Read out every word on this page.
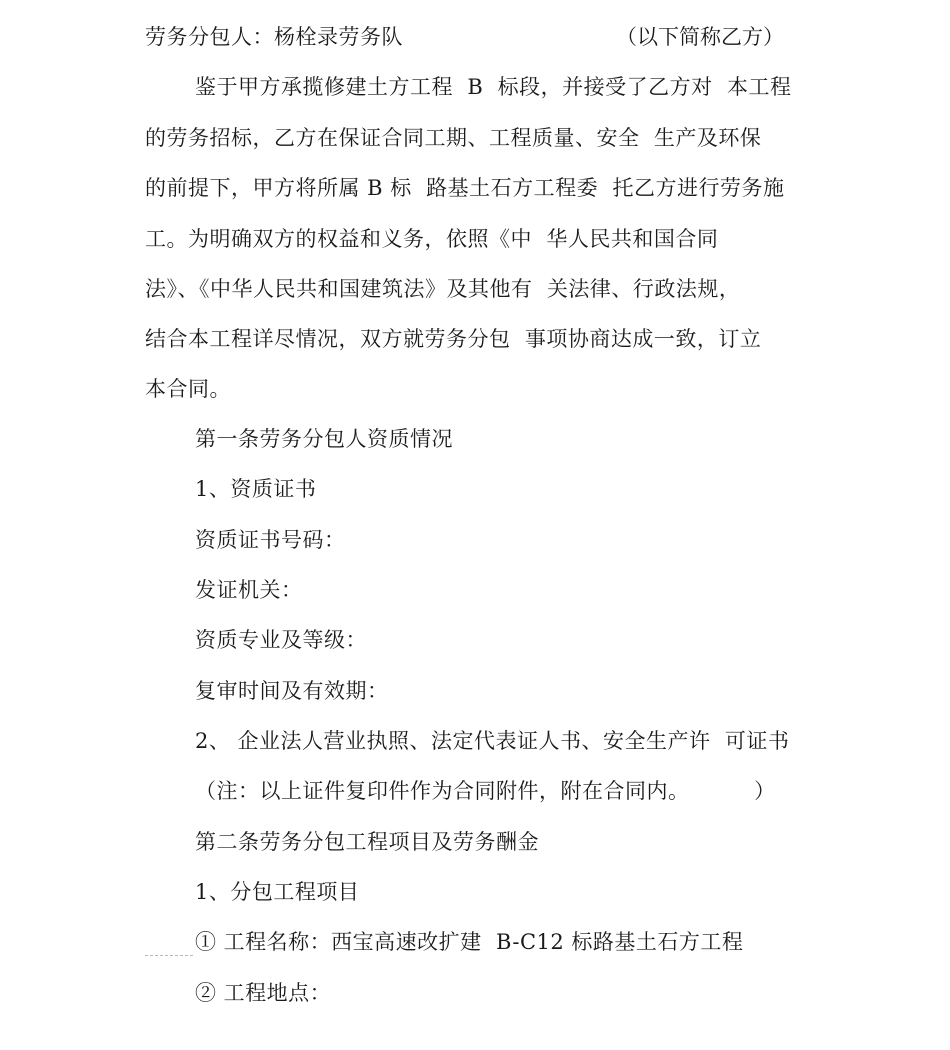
劳务分包人：杨栓录劳务队	（以下简称乙方）
鉴于甲方承揽修建土方工程  B  标段，并接受了乙方对  本工程
的劳务招标，乙方在保证合同工期、工程质量、安全  生产及环保
的前提下，甲方将所属 B 标  路基土石方工程委  托乙方进行劳务施
工。为明确双方的权益和义务，依照《中  华人民共和国合同
法》、《中华人民共和国建筑法》及其他有  关法律、行政法规，
结合本工程详尽情况，双方就劳务分包  事项协商达成一致，订立
本合同。
第一条劳务分包人资质情况
1、资质证书
资质证书号码：
发证机关：
资质专业及等级：
复审时间及有效期：
2、 企业法人营业执照、法定代表证人书、安全生产许  可证书
（注：以上证件复印件作为合同附件，附在合同内。         ）
第二条劳务分包工程项目及劳务酬金
1、分包工程项目
① 工程名称：西宝高速改扩建  B-C12 标路基土石方工程
② 工程地点：
